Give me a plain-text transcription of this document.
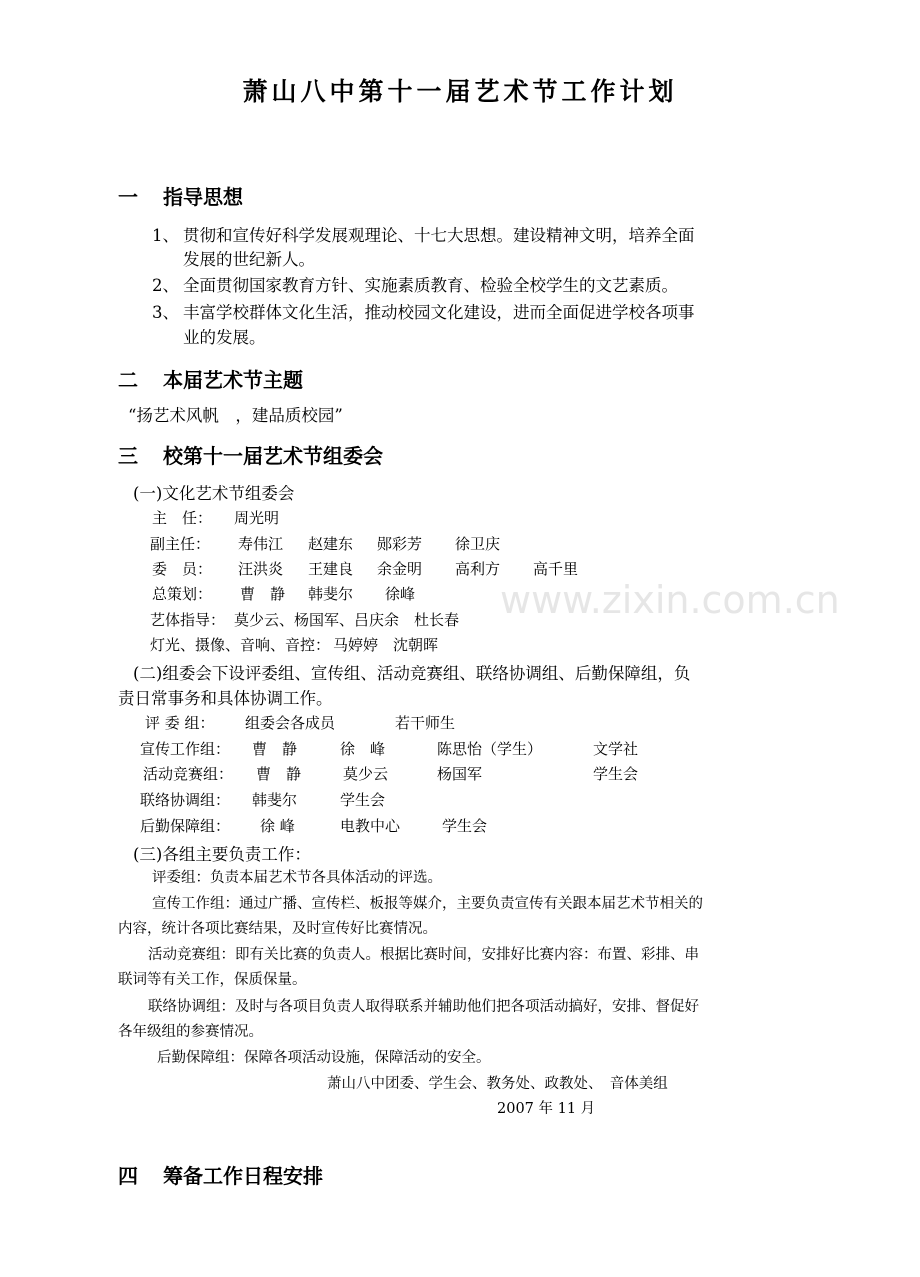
萧山八中第十一届艺术节工作计划
www.zixin.com.cn
一 指导思想
1、 贯彻和宣传好科学发展观理论、十七大思想。建设精神文明，培养全面
发展的世纪新人。
2、 全面贯彻国家教育方针、实施素质教育、检验全校学生的文艺素质。
3、 丰富学校群体文化生活，推动校园文化建设，进而全面促进学校各项事
业的发展。
二 本届艺术节主题
“扬艺术风帆　，建品质校园”
三 校第十一届艺术节组委会
(一)文化艺术节组委会
主　任： 周光明
副主任： 寿伟江 赵建东 郧彩芳 徐卫庆
委　员： 汪洪炎 王建良 余金明 高利方 高千里
总策划： 曹　静 韩斐尔 徐峰
艺体指导： 莫少云、杨国军、吕庆余　杜长春
灯光、摄像、音响、音控： 马婷婷　沈朝晖
(二)组委会下设评委组、宣传组、活动竞赛组、联络协调组、后勤保障组，负
责日常事务和具体协调工作。
评 委 组： 组委会各成员	若干师生
宣传工作组： 曹　静	徐　峰	陈思怡（学生）	文学社
活动竞赛组： 曹　静	莫少云	杨国军	学生会
联络协调组： 韩斐尔	学生会
后勤保障组： 徐 峰	电教中心	学生会
(三)各组主要负责工作：
评委组：负责本届艺术节各具体活动的评选。
宣传工作组：通过广播、宣传栏、板报等媒介，主要负责宣传有关跟本届艺术节相关的
内容，统计各项比赛结果，及时宣传好比赛情况。
活动竞赛组：即有关比赛的负责人。根据比赛时间，安排好比赛内容：布置、彩排、串
联词等有关工作，保质保量。
联络协调组：及时与各项目负责人取得联系并辅助他们把各项活动搞好，安排、督促好
各年级组的参赛情况。
后勤保障组：保障各项活动设施，保障活动的安全。
萧山八中团委、学生会、教务处、政教处、　音体美组
2007 年 11 月
四 筹备工作日程安排
